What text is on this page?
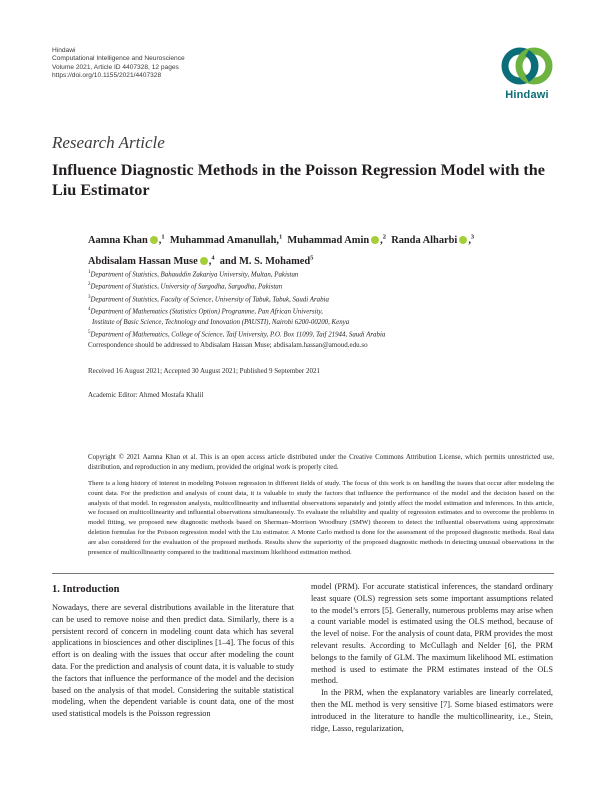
Hindawi
Computational Intelligence and Neuroscience
Volume 2021, Article ID 4407328, 12 pages
https://doi.org/10.1155/2021/4407328
Hindawi
Research Article
Influence Diagnostic Methods in the Poisson Regression Model with the Liu Estimator
Aamna Khan ,$^1$ Muhammad Amanullah,$^1$ Muhammad Amin ,$^2$ Randa Alharbi ,$^3$
Abdisalam Hassan Muse ,$^4$ and M. S. Mohamed$^5$
$^1$Department of Statistics, Bahauddin Zakariya University, Multan, Pakistan
$^2$Department of Statistics, University of Sargodha, Sargodha, Pakistan
$^3$Department of Statistics, Faculty of Science, University of Tabuk, Tabuk, Saudi Arabia
$^4$Department of Mathematics (Statistics Option) Programme, Pan African University,
Institute of Basic Science, Technology and Innovation (PAUSTI), Nairobi 6200-00200, Kenya
$^5$Department of Mathematics, College of Science, Taif University, P.O. Box 11099, Taif 21944, Saudi Arabia
Correspondence should be addressed to Abdisalam Hassan Muse; abdisalam.hassan@amoud.edu.so
Received 16 August 2021; Accepted 30 August 2021; Published 9 September 2021
Academic Editor: Ahmed Mostafa Khalil
Copyright © 2021 Aamna Khan et al. This is an open access article distributed under the Creative Commons Attribution License, which permits unrestricted use, distribution, and reproduction in any medium, provided the original work is properly cited.
There is a long history of interest in modeling Poisson regression in different fields of study. The focus of this work is on handling the issues that occur after modeling the count data. For the prediction and analysis of count data, it is valuable to study the factors that influence the performance of the model and the decision based on the analysis of that model. In regression analysis, multicollinearity and influential observations separately and jointly affect the model estimation and inferences. In this article, we focused on multicollinearity and influential observations simultaneously. To evaluate the reliability and quality of regression estimates and to overcome the problems in model fitting, we proposed new diagnostic methods based on Sherman–Morrison Woodbury (SMW) theorem to detect the influential observations using approximate deletion formulas for the Poisson regression model with the Liu estimator. A Monte Carlo method is done for the assessment of the proposed diagnostic methods. Real data are also considered for the evaluation of the proposed methods. Results show the superiority of the proposed diagnostic methods in detecting unusual observations in the presence of multicollinearity compared to the traditional maximum likelihood estimation method.
1. Introduction

Nowadays, there are several distributions available in the literature that can be used to remove noise and then predict data. Similarly, there is a persistent record of concern in modeling count data which has several applications in biosciences and other disciplines [1–4]. The focus of this effort is on dealing with the issues that occur after modeling the count data. For the prediction and analysis of count data, it is valuable to study the factors that influence the performance of the model and the decision based on the analysis of that model. Considering the suitable statistical modeling, when the dependent variable is count data, one of the most used statistical models is the Poisson regression

model (PRM). For accurate statistical inferences, the standard ordinary least square (OLS) regression sets some important assumptions related to the model’s errors [5]. Generally, numerous problems may arise when a count variable model is estimated using the OLS method, because of the level of noise. For the analysis of count data, PRM provides the most relevant results. According to McCullagh and Nelder [6], the PRM belongs to the family of GLM. The maximum likelihood ML estimation method is used to estimate the PRM estimates instead of the OLS method.

In the PRM, when the explanatory variables are linearly correlated, then the ML method is very sensitive [7]. Some biased estimators were introduced in the literature to handle the multicollinearity, i.e., Stein, ridge, Lasso, regularization,
